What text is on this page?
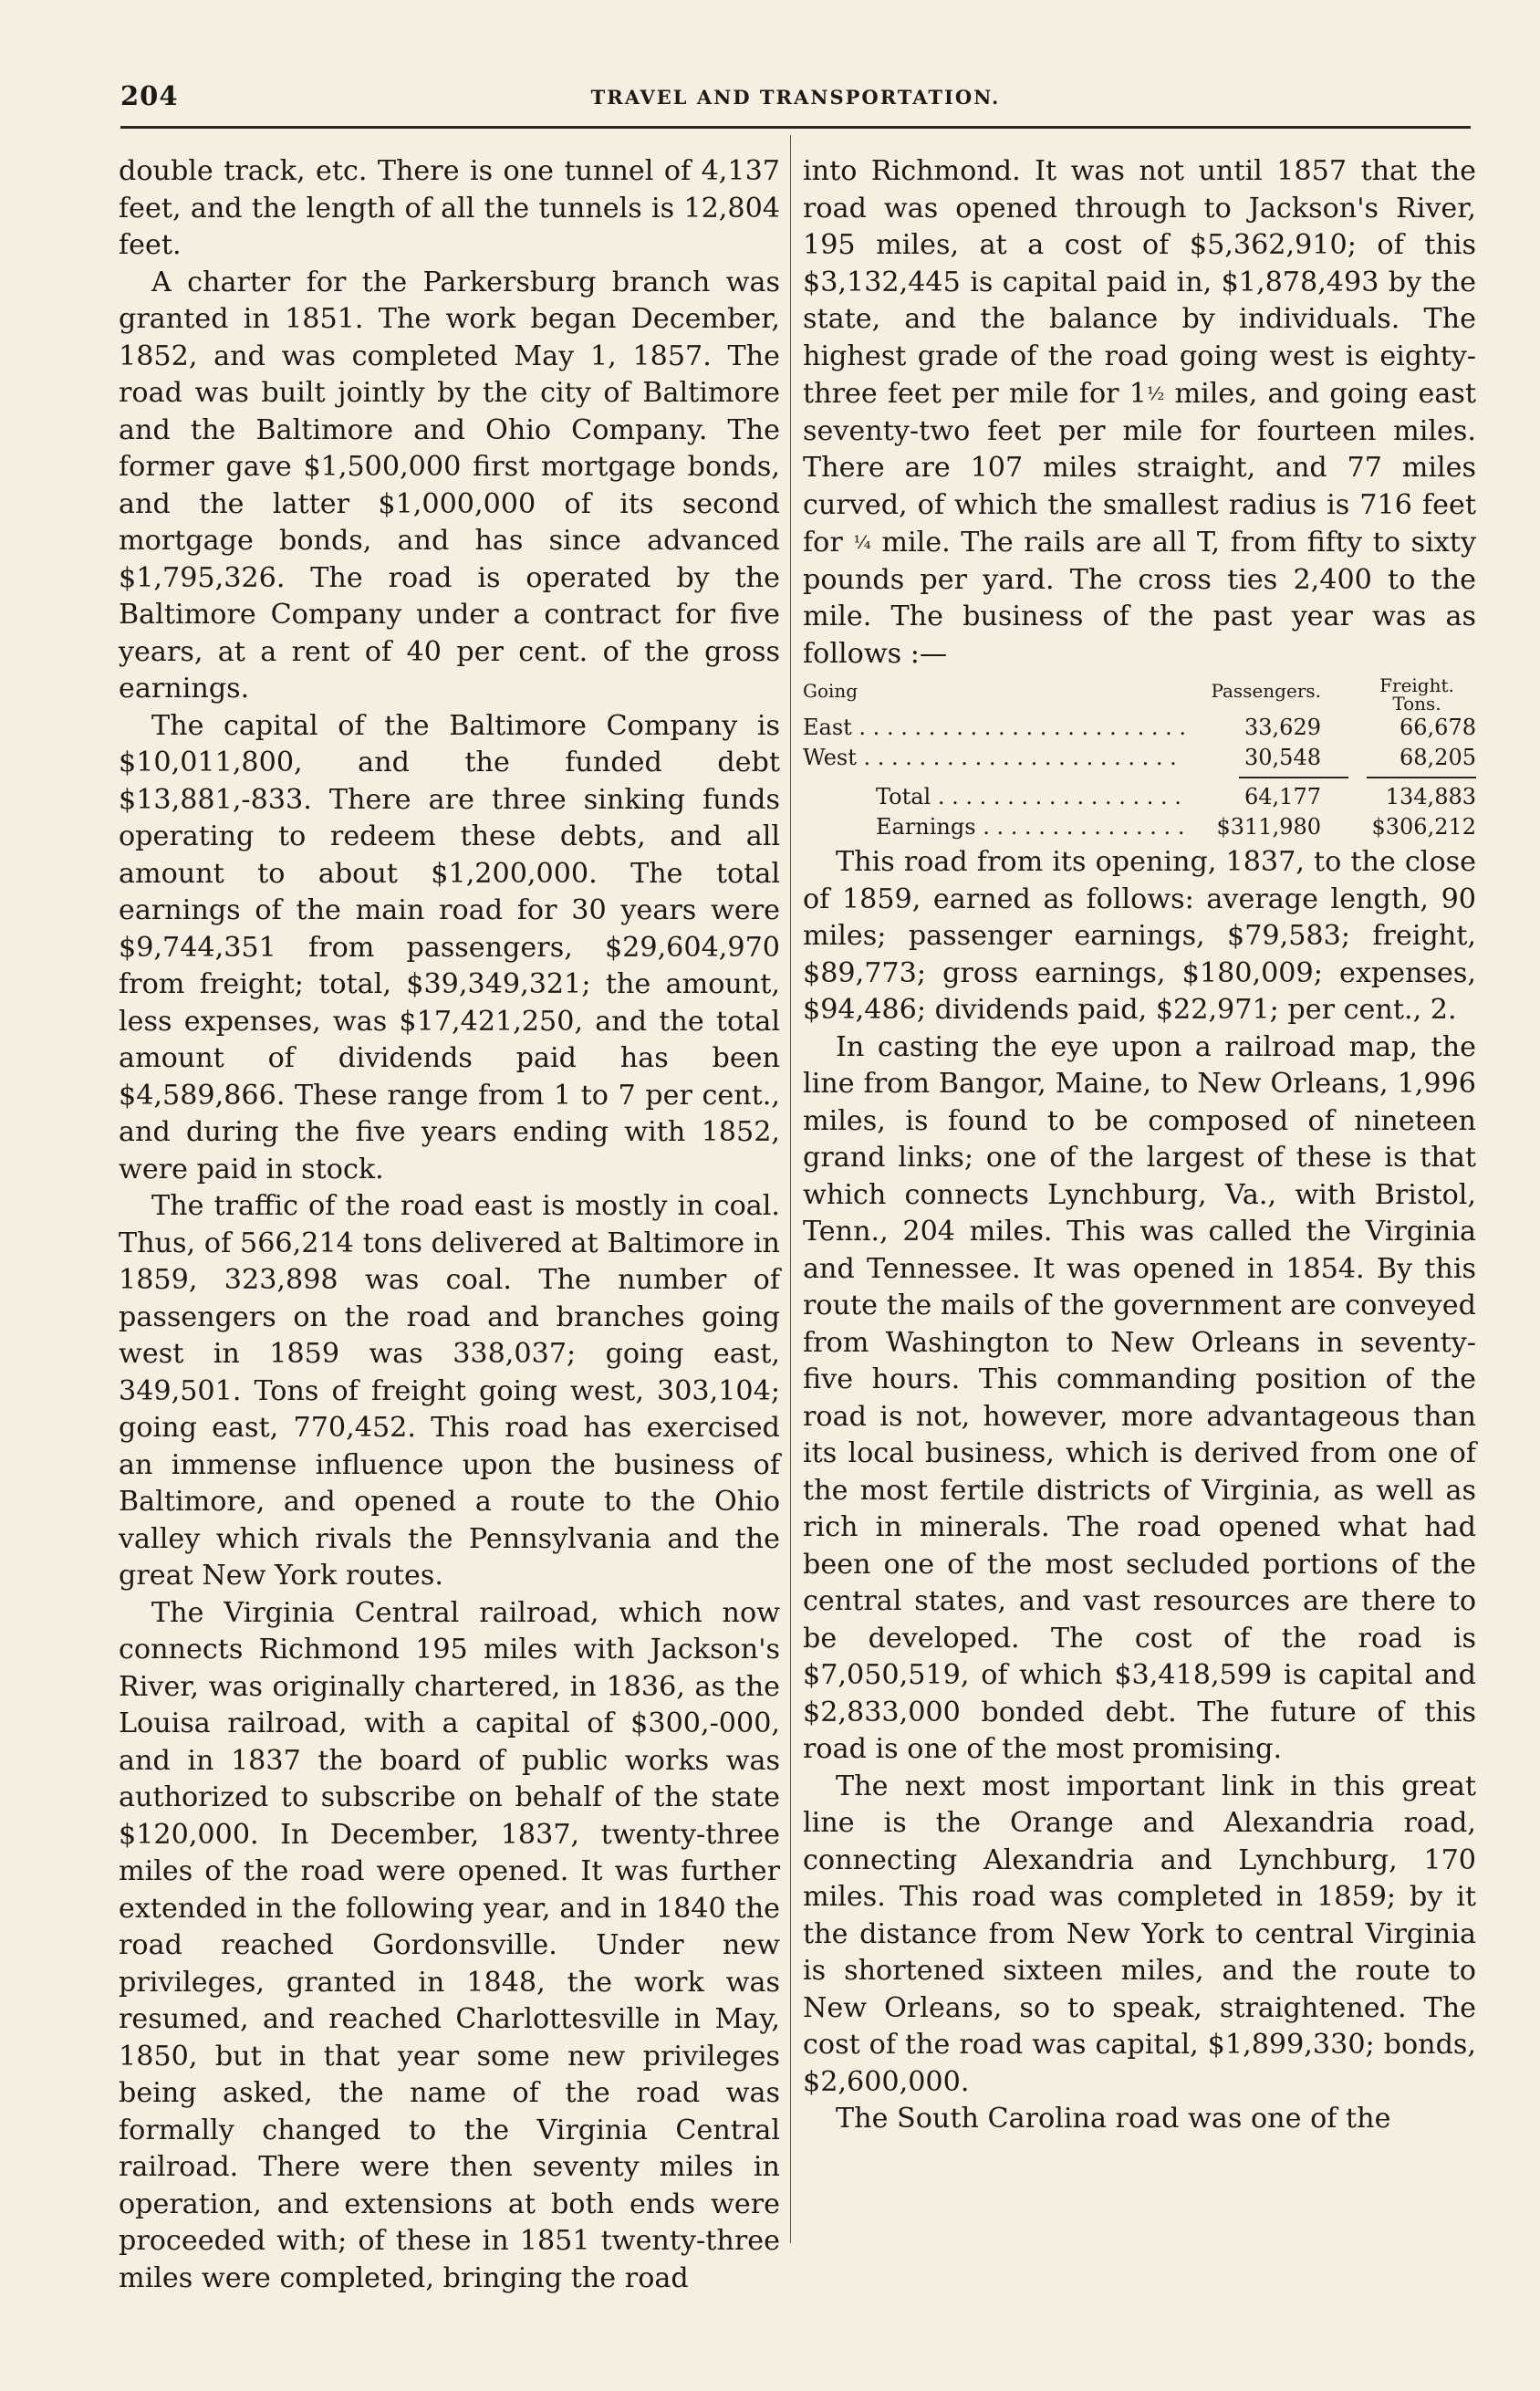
204	TRAVEL AND TRANSPORTATION.

double track, etc. There is one tunnel of 4,137 feet, and the length of all the tunnels is 12,804 feet.

A charter for the Parkersburg branch was granted in 1851. The work began December, 1852, and was completed May 1, 1857. The road was built jointly by the city of Baltimore and the Baltimore and Ohio Company. The former gave $1,500,000 first mortgage bonds, and the latter $1,000,000 of its second mortgage bonds, and has since advanced $1,795,326. The road is operated by the Baltimore Company under a contract for five years, at a rent of 40 per cent. of the gross earnings.

The capital of the Baltimore Company is $10,011,800, and the funded debt $13,881,-833. There are three sinking funds operating to redeem these debts, and all amount to about $1,200,000. The total earnings of the main road for 30 years were $9,744,351 from passengers, $29,604,970 from freight; total, $39,349,321; the amount, less expenses, was $17,421,250, and the total amount of dividends paid has been $4,589,866. These range from 1 to 7 per cent., and during the five years ending with 1852, were paid in stock.

The traffic of the road east is mostly in coal. Thus, of 566,214 tons delivered at Baltimore in 1859, 323,898 was coal. The number of passengers on the road and branches going west in 1859 was 338,037; going east, 349,501. Tons of freight going west, 303,104; going east, 770,452. This road has exercised an immense influence upon the business of Baltimore, and opened a route to the Ohio valley which rivals the Pennsylvania and the great New York routes.

The Virginia Central railroad, which now connects Richmond 195 miles with Jackson's River, was originally chartered, in 1836, as the Louisa railroad, with a capital of $300,-000, and in 1837 the board of public works was authorized to subscribe on behalf of the state $120,000. In December, 1837, twenty-three miles of the road were opened. It was further extended in the following year, and in 1840 the road reached Gordonsville. Under new privileges, granted in 1848, the work was resumed, and reached Charlottesville in May, 1850, but in that year some new privileges being asked, the name of the road was formally changed to the Virginia Central railroad. There were then seventy miles in operation, and extensions at both ends were proceeded with; of these in 1851 twenty-three miles were completed, bringing the road

into Richmond. It was not until 1857 that the road was opened through to Jackson's River, 195 miles, at a cost of $5,362,910; of this $3,132,445 is capital paid in, $1,878,493 by the state, and the balance by individuals. The highest grade of the road going west is eighty-three feet per mile for 1½ miles, and going east seventy-two feet per mile for fourteen miles. There are 107 miles straight, and 77 miles curved, of which the smallest radius is 716 feet for ¼ mile. The rails are all T, from fifty to sixty pounds per yard. The cross ties 2,400 to the mile. The business of the past year was as follows :—

Going	Passengers.	Freight.
Tons.
East . . .	33,629	66,678
West . . .	30,548	68,205
Total . . .	64,177	134,883
Earnings . . .	$311,980	$306,212

This road from its opening, 1837, to the close of 1859, earned as follows: average length, 90 miles; passenger earnings, $79,583; freight, $89,773; gross earnings, $180,009; expenses, $94,486; dividends paid, $22,971; per cent., 2.

In casting the eye upon a railroad map, the line from Bangor, Maine, to New Orleans, 1,996 miles, is found to be composed of nineteen grand links; one of the largest of these is that which connects Lynchburg, Va., with Bristol, Tenn., 204 miles. This was called the Virginia and Tennessee. It was opened in 1854. By this route the mails of the government are conveyed from Washington to New Orleans in seventy-five hours. This commanding position of the road is not, however, more advantageous than its local business, which is derived from one of the most fertile districts of Virginia, as well as rich in minerals. The road opened what had been one of the most secluded portions of the central states, and vast resources are there to be developed. The cost of the road is $7,050,519, of which $3,418,599 is capital and $2,833,000 bonded debt. The future of this road is one of the most promising.

The next most important link in this great line is the Orange and Alexandria road, connecting Alexandria and Lynchburg, 170 miles. This road was completed in 1859; by it the distance from New York to central Virginia is shortened sixteen miles, and the route to New Orleans, so to speak, straightened. The cost of the road was capital, $1,899,330; bonds, $2,600,000.

The South Carolina road was one of the
